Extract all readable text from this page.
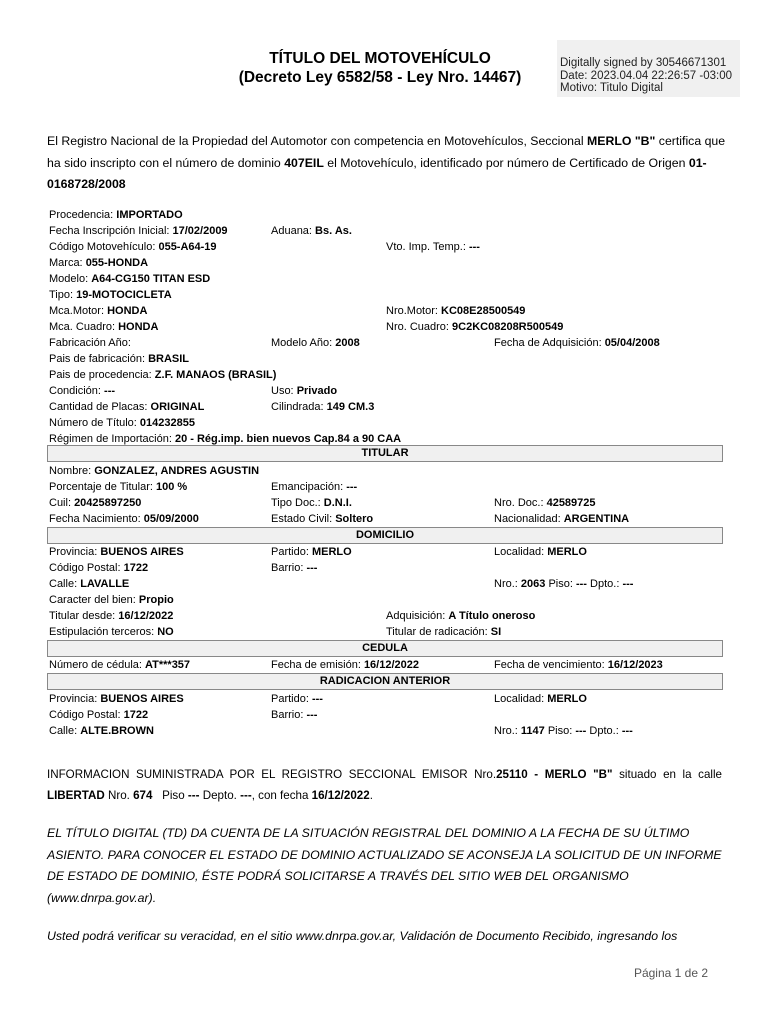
TÍTULO DEL MOTOVEHÍCULO
(Decreto Ley 6582/58 - Ley Nro. 14467)
Digitally signed by 30546671301
Date: 2023.04.04 22:26:57 -03:00
Motivo: Titulo Digital
El Registro Nacional de la Propiedad del Automotor con competencia en Motovehículos, Seccional MERLO "B" certifica que ha sido inscripto con el número de dominio 407EIL el Motovehículo, identificado por número de Certificado de Origen 01-0168728/2008
Procedencia: IMPORTADO
Fecha Inscripción Inicial: 17/02/2009	Aduana: Bs. As.
Código Motovehículo: 055-A64-19	Vto. Imp. Temp.: ---
Marca: 055-HONDA
Modelo: A64-CG150 TITAN ESD
Tipo: 19-MOTOCICLETA
Mca.Motor: HONDA	Nro.Motor: KC08E28500549
Mca. Cuadro: HONDA	Nro. Cuadro: 9C2KC08208R500549
Fabricación Año:	Modelo Año: 2008	Fecha de Adquisición: 05/04/2008
Pais de fabricación: BRASIL
Pais de procedencia: Z.F. MANAOS (BRASIL)
Condición: ---	Uso: Privado
Cantidad de Placas: ORIGINAL	Cilindrada: 149 CM.3
Número de Título: 014232855
Régimen de Importación: 20 - Rég.imp. bien nuevos Cap.84 a 90 CAA
TITULAR
Nombre: GONZALEZ, ANDRES AGUSTIN
Porcentaje de Titular: 100 %	Emancipación: ---
Cuil: 20425897250	Tipo Doc.: D.N.I.	Nro. Doc.: 42589725
Fecha Nacimiento: 05/09/2000	Estado Civil: Soltero	Nacionalidad: ARGENTINA
DOMICILIO
Provincia: BUENOS AIRES	Partido: MERLO	Localidad: MERLO
Código Postal: 1722	Barrio: ---
Calle: LAVALLE	Nro.: 2063 Piso: --- Dpto.: ---
Caracter del bien: Propio
Titular desde: 16/12/2022	Adquisición: A Título oneroso
Estipulación terceros: NO	Titular de radicación: SI
CEDULA
Número de cédula: AT***357	Fecha de emisión: 16/12/2022	Fecha de vencimiento: 16/12/2023
RADICACION ANTERIOR
Provincia: BUENOS AIRES	Partido: ---	Localidad: MERLO
Código Postal: 1722	Barrio: ---
Calle: ALTE.BROWN	Nro.: 1147 Piso: --- Dpto.: ---
INFORMACION SUMINISTRADA POR EL REGISTRO SECCIONAL EMISOR Nro.25110 - MERLO "B" situado en la calle
LIBERTAD Nro. 674   Piso --- Depto. ---, con fecha 16/12/2022.
EL TÍTULO DIGITAL (TD) DA CUENTA DE LA SITUACIÓN REGISTRAL DEL DOMINIO A LA FECHA DE SU ÚLTIMO ASIENTO. PARA CONOCER EL ESTADO DE DOMINIO ACTUALIZADO SE ACONSEJA LA SOLICITUD DE UN INFORME DE ESTADO DE DOMINIO, ÉSTE PODRÁ SOLICITARSE A TRAVÉS DEL SITIO WEB DEL ORGANISMO (www.dnrpa.gov.ar).
Usted podrá verificar su veracidad, en el sitio www.dnrpa.gov.ar, Validación de Documento Recibido, ingresando los
Página 1 de 2
